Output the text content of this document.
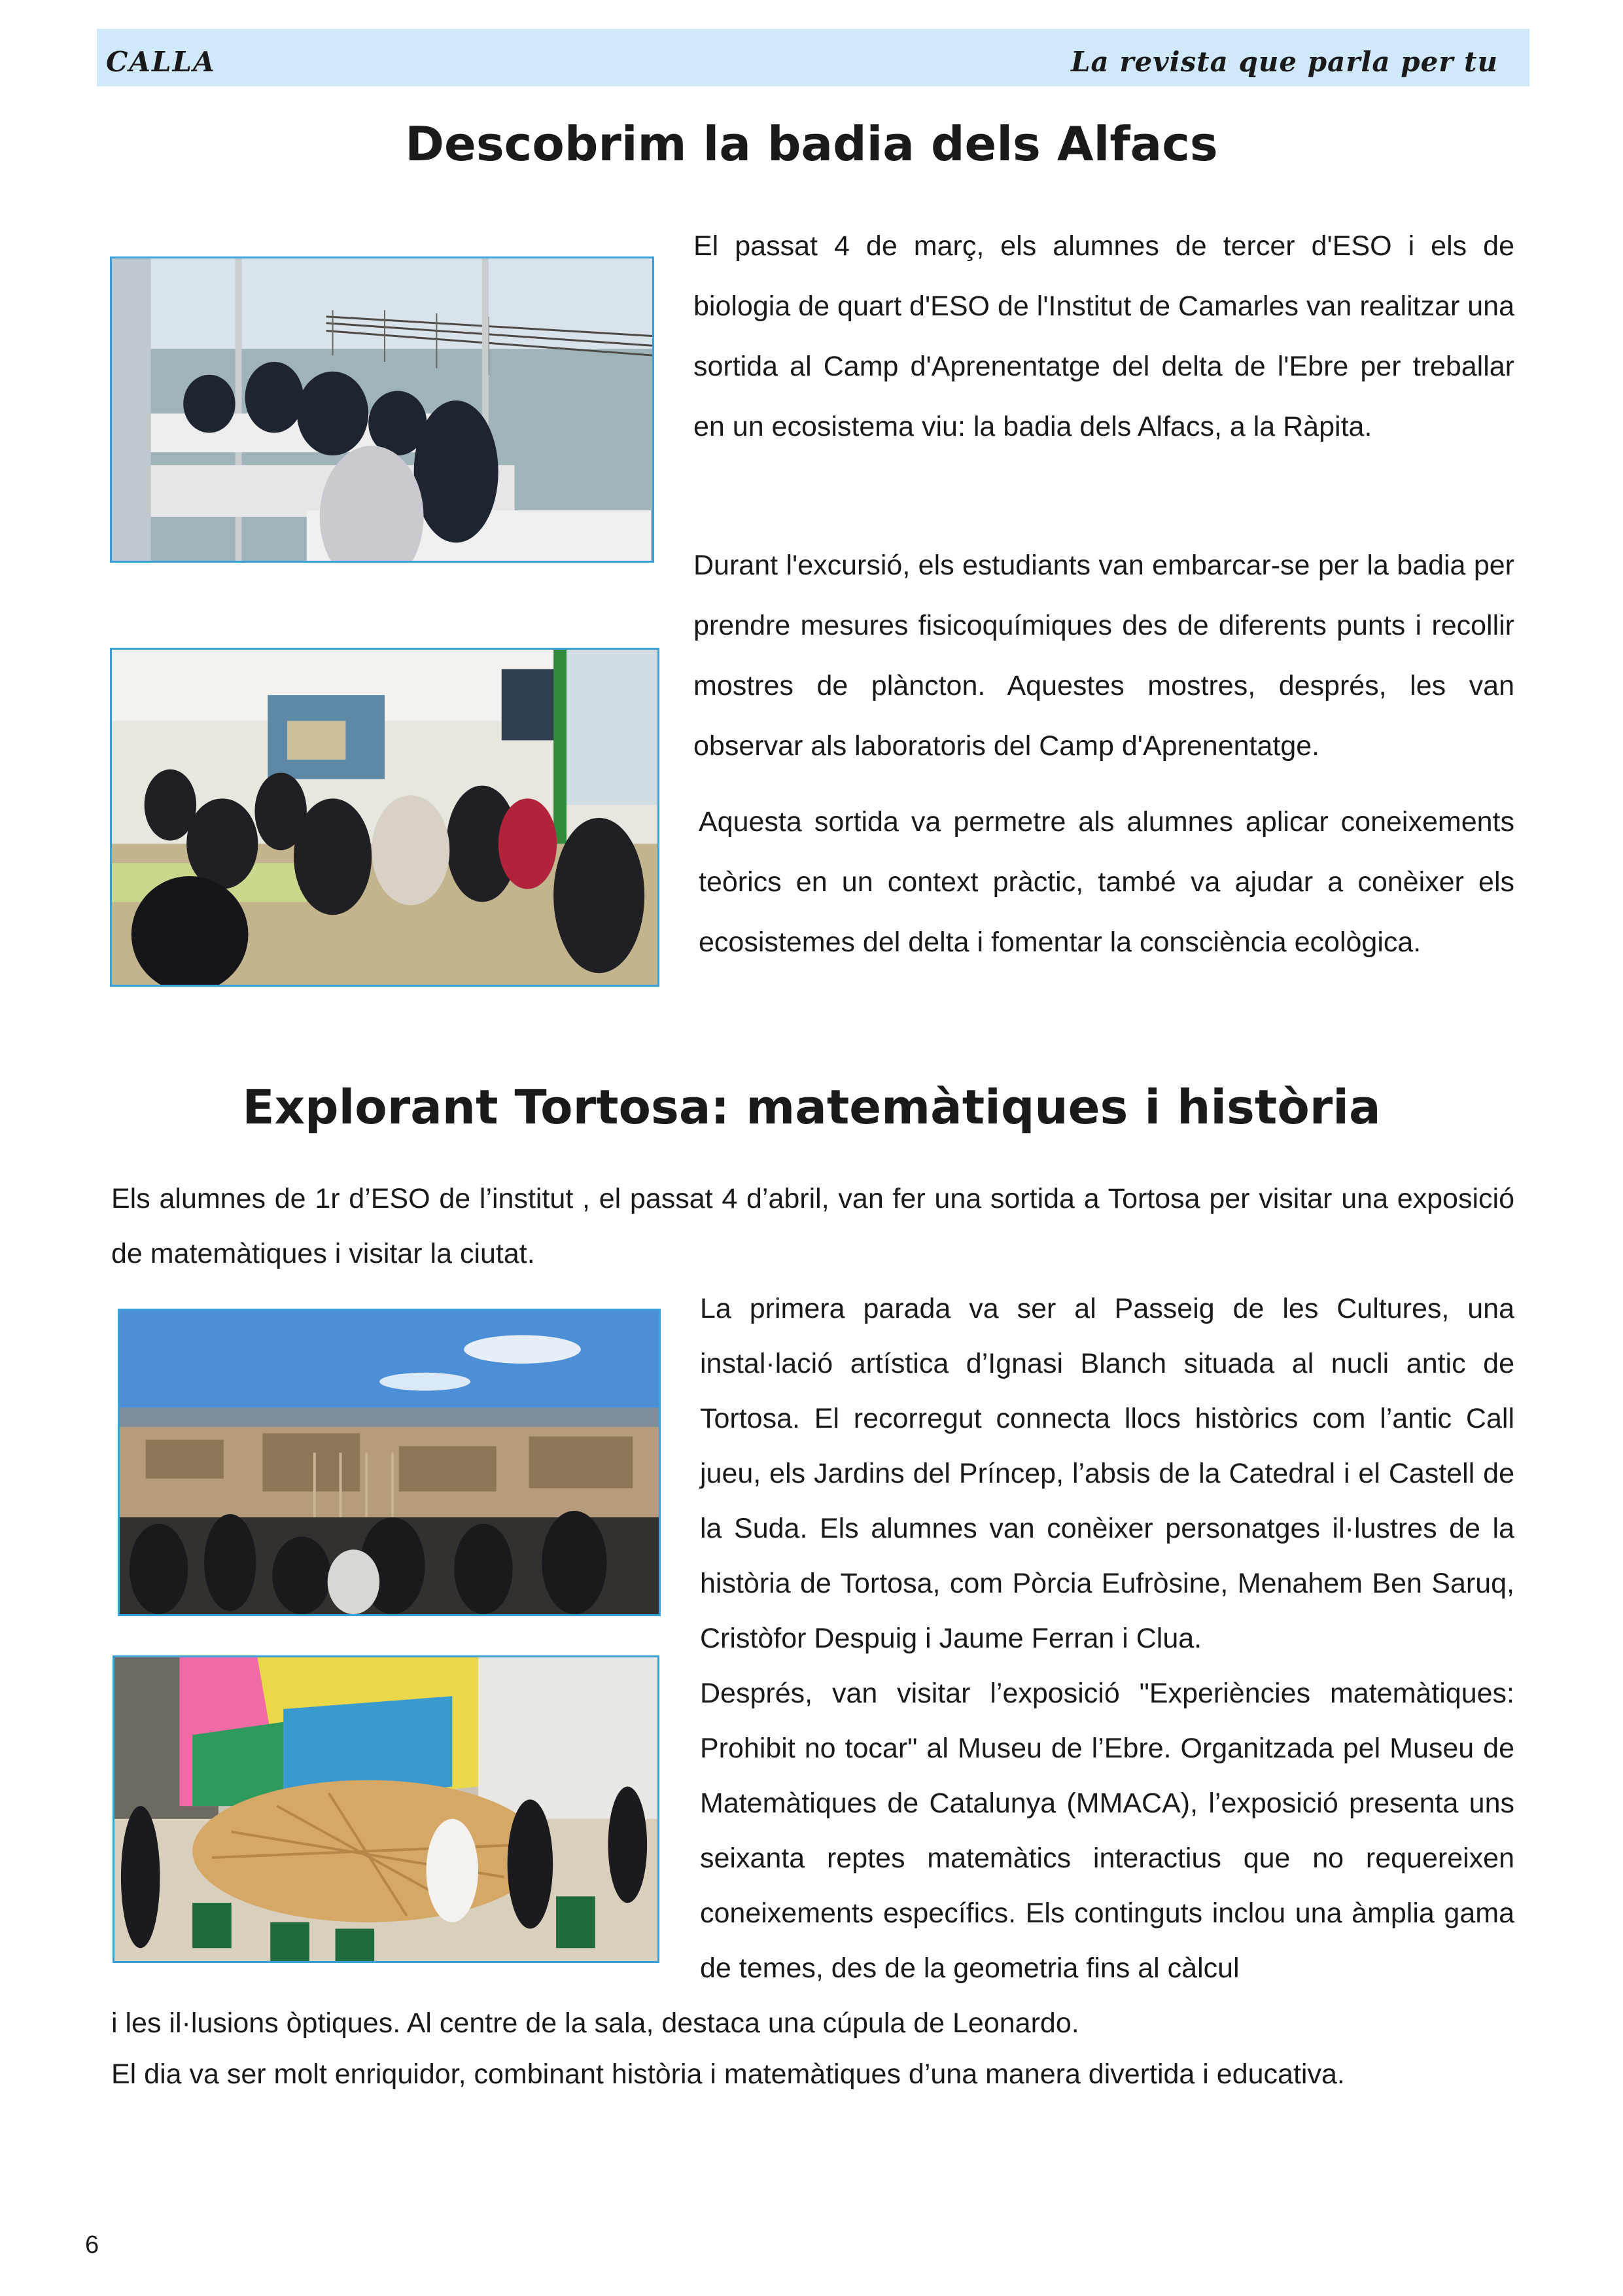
CALLA	La revista que parla per tu
Descobrim la badia dels Alfacs

El passat 4 de març, els alumnes de tercer d'ESO i els de biologia de quart d'ESO de l'Institut de Camarles van realitzar una sortida al Camp d'Aprenentatge del delta de l'Ebre per treballar en un ecosistema viu: la badia dels Alfacs, a la Ràpita.

Durant l'excursió, els estudiants van embarcar-se per la badia per prendre mesures fisicoquímiques des de diferents punts i recollir mostres de plàncton. Aquestes mostres, després, les van observar als laboratoris del Camp d'Aprenentatge.

Aquesta sortida va permetre als alumnes aplicar coneixements teòrics en un context pràctic, també va ajudar a conèixer els ecosistemes del delta i fomentar la consciència ecològica.

Explorant Tortosa: matemàtiques i història

Els alumnes de 1r d’ESO de l’institut , el passat 4 d’abril, van fer una sortida a Tortosa per visitar una exposició de matemàtiques i visitar la ciutat.

La primera parada va ser al Passeig de les Cultures, una instal·lació artística d’Ignasi Blanch situada al nucli antic de Tortosa. El recorregut connecta llocs històrics com l’antic Call jueu, els Jardins del Príncep, l’absis de la Catedral i el Castell de la Suda. Els alumnes van conèixer personatges il·lustres de la història de Tortosa, com Pòrcia Eufròsine, Menahem Ben Saruq, Cristòfor Despuig i Jaume Ferran i Clua.

Després, van visitar l’exposició "Experiències matemàtiques: Prohibit no tocar" al Museu de l’Ebre. Organitzada pel Museu de Matemàtiques de Catalunya (MMACA), l’exposició presenta uns seixanta reptes matemàtics interactius que no requereixen coneixements específics. Els continguts inclou una àmplia gama de temes, des de la geometria fins al càlcul

i les il·lusions òptiques. Al centre de la sala, destaca una cúpula de Leonardo.

El dia va ser molt enriquidor, combinant història i matemàtiques d’una manera divertida i educativa.

6
